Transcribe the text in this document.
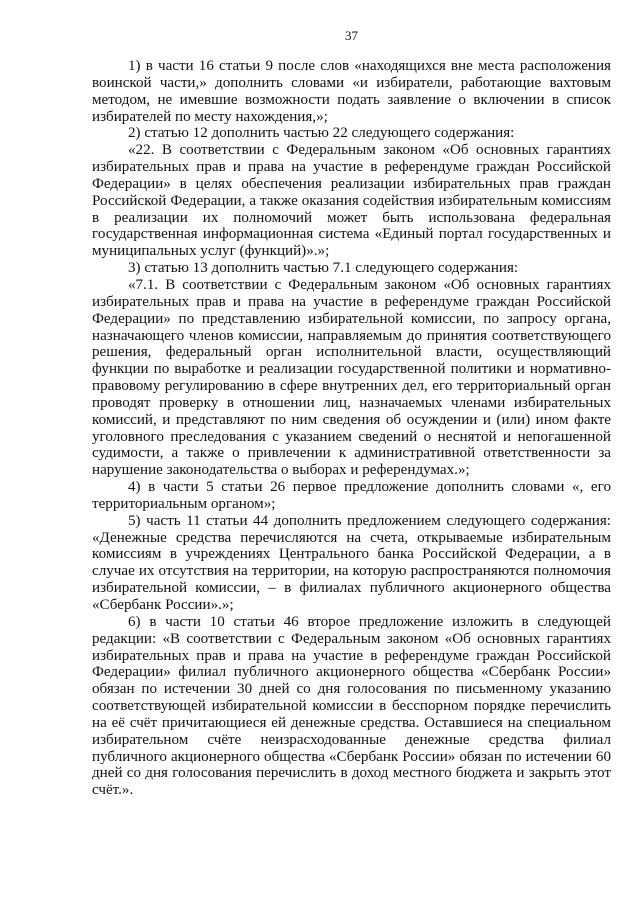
37

1) в части 16 статьи 9 после слов «находящихся вне места расположения воинской части,» дополнить словами «и избиратели, работающие вахтовым методом, не имевшие возможности подать заявление о включении в список избирателей по месту нахождения,»;

2) статью 12 дополнить частью 22 следующего содержания:

«22. В соответствии с Федеральным законом «Об основных гарантиях избирательных прав и права на участие в референдуме граждан Российской Федерации» в целях обеспечения реализации избирательных прав граждан Российской Федерации, а также оказания содействия избирательным комиссиям в реализации их полномочий может быть использована федеральная государственная информационная система «Единый портал государственных и муниципальных услуг (функций)».»;

3) статью 13 дополнить частью 7.1 следующего содержания:

«7.1. В соответствии с Федеральным законом «Об основных гарантиях избирательных прав и права на участие в референдуме граждан Российской Федерации» по представлению избирательной комиссии, по запросу органа, назначающего членов комиссии, направляемым до принятия соответствующего решения, федеральный орган исполнительной власти, осуществляющий функции по выработке и реализации государственной политики и нормативно-правовому регулированию в сфере внутренних дел, его территориальный орган проводят проверку в отношении лиц, назначаемых членами избирательных комиссий, и представляют по ним сведения об осуждении и (или) ином факте уголовного преследования с указанием сведений о неснятой и непогашенной судимости, а также о привлечении к административной ответственности за нарушение законодательства о выборах и референдумах.»;

4) в части 5 статьи 26 первое предложение дополнить словами «, его территориальным органом»;

5) часть 11 статьи 44 дополнить предложением следующего содержания: «Денежные средства перечисляются на счета, открываемые избирательным комиссиям в учреждениях Центрального банка Российской Федерации, а в случае их отсутствия на территории, на которую распространяются полномочия избирательной комиссии, – в филиалах публичного акционерного общества «Сбербанк России».»;

6) в части 10 статьи 46 второе предложение изложить в следующей редакции: «В соответствии с Федеральным законом «Об основных гарантиях избирательных прав и права на участие в референдуме граждан Российской Федерации» филиал публичного акционерного общества «Сбербанк России» обязан по истечении 30 дней со дня голосования по письменному указанию соответствующей избирательной комиссии в бесспорном порядке перечислить на её счёт причитающиеся ей денежные средства. Оставшиеся на специальном избирательном счёте неизрасходованные денежные средства филиал публичного акционерного общества «Сбербанк России» обязан по истечении 60 дней со дня голосования перечислить в доход местного бюджета и закрыть этот счёт.».
